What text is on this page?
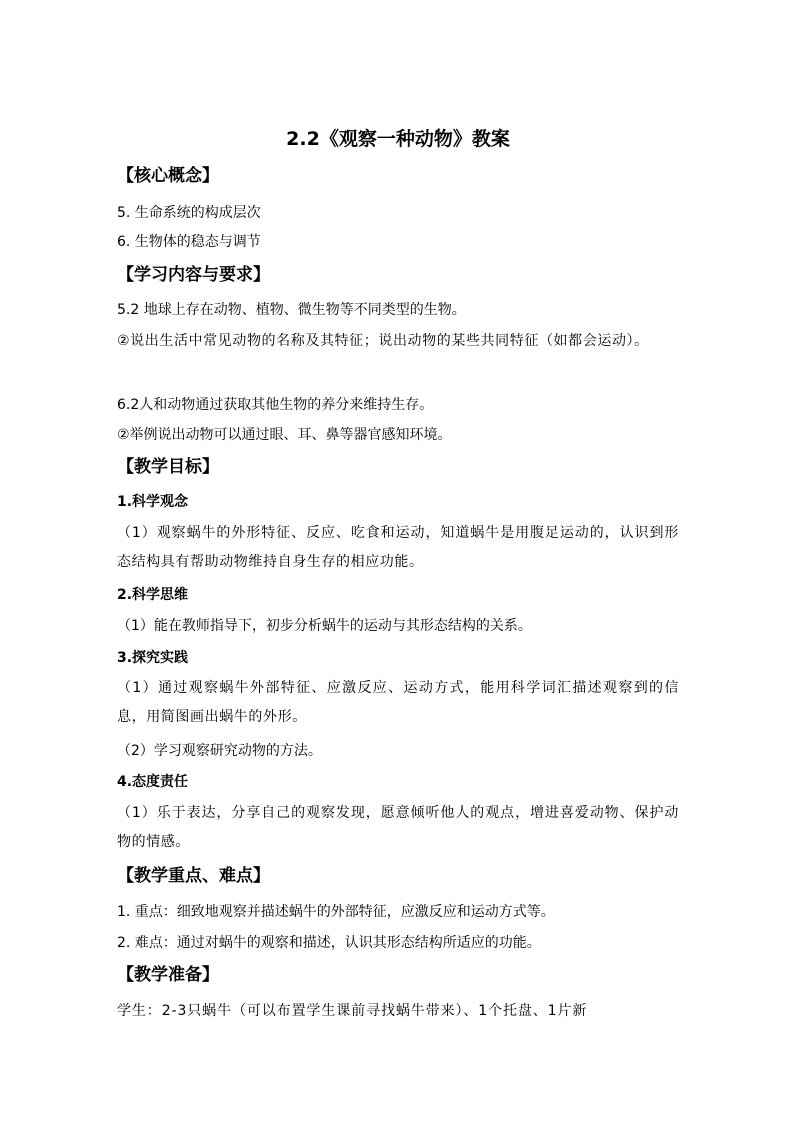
2.2《观察一种动物》教案
【核心概念】
5. 生命系统的构成层次
6. 生物体的稳态与调节
【学习内容与要求】
5.2 地球上存在动物、植物、微生物等不同类型的生物。
②说出生活中常见动物的名称及其特征；说出动物的某些共同特征（如都会运动）。
6.2人和动物通过获取其他生物的养分来维持生存。
②举例说出动物可以通过眼、耳、鼻等器官感知环境。
【教学目标】
1.科学观念
（1）观察蜗牛的外形特征、反应、吃食和运动，知道蜗牛是用腹足运动的，认识到形态结构具有帮助动物维持自身生存的相应功能。
2.科学思维
（1）能在教师指导下，初步分析蜗牛的运动与其形态结构的关系。
3.探究实践
（1）通过观察蜗牛外部特征、应激反应、运动方式，能用科学词汇描述观察到的信息，用简图画出蜗牛的外形。
（2）学习观察研究动物的方法。
4.态度责任
（1）乐于表达，分享自己的观察发现，愿意倾听他人的观点，增进喜爱动物、保护动物的情感。
【教学重点、难点】
1. 重点：细致地观察并描述蜗牛的外部特征，应激反应和运动方式等。
2. 难点：通过对蜗牛的观察和描述，认识其形态结构所适应的功能。
【教学准备】
学生：2-3只蜗牛（可以布置学生课前寻找蜗牛带来）、1个托盘、1片新
